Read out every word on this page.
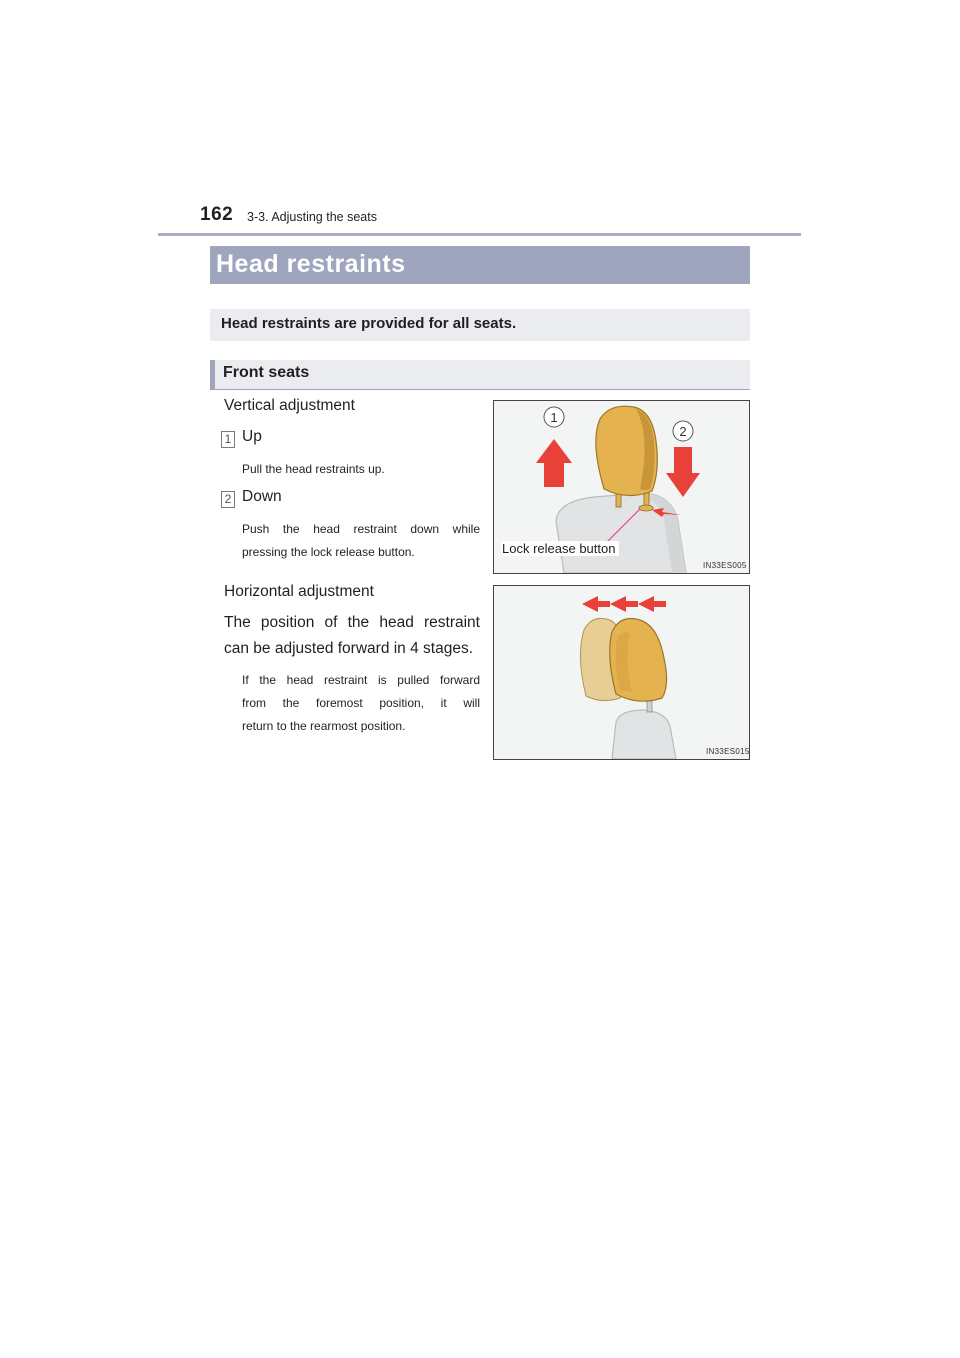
162 3-3. Adjusting the seats
Head restraints
Head restraints are provided for all seats.
Front seats
Vertical adjustment
1 Up
Pull the head restraints up.
2 Down
Push the head restraint down while
pressing the lock release button.
Horizontal adjustment
The position of the head restraint
can be adjusted forward in 4 stages.
If the head restraint is pulled forward
from the foremost position, it will
return to the rearmost position.
1
2
Lock release button
IN33ES005
IN33ES015
